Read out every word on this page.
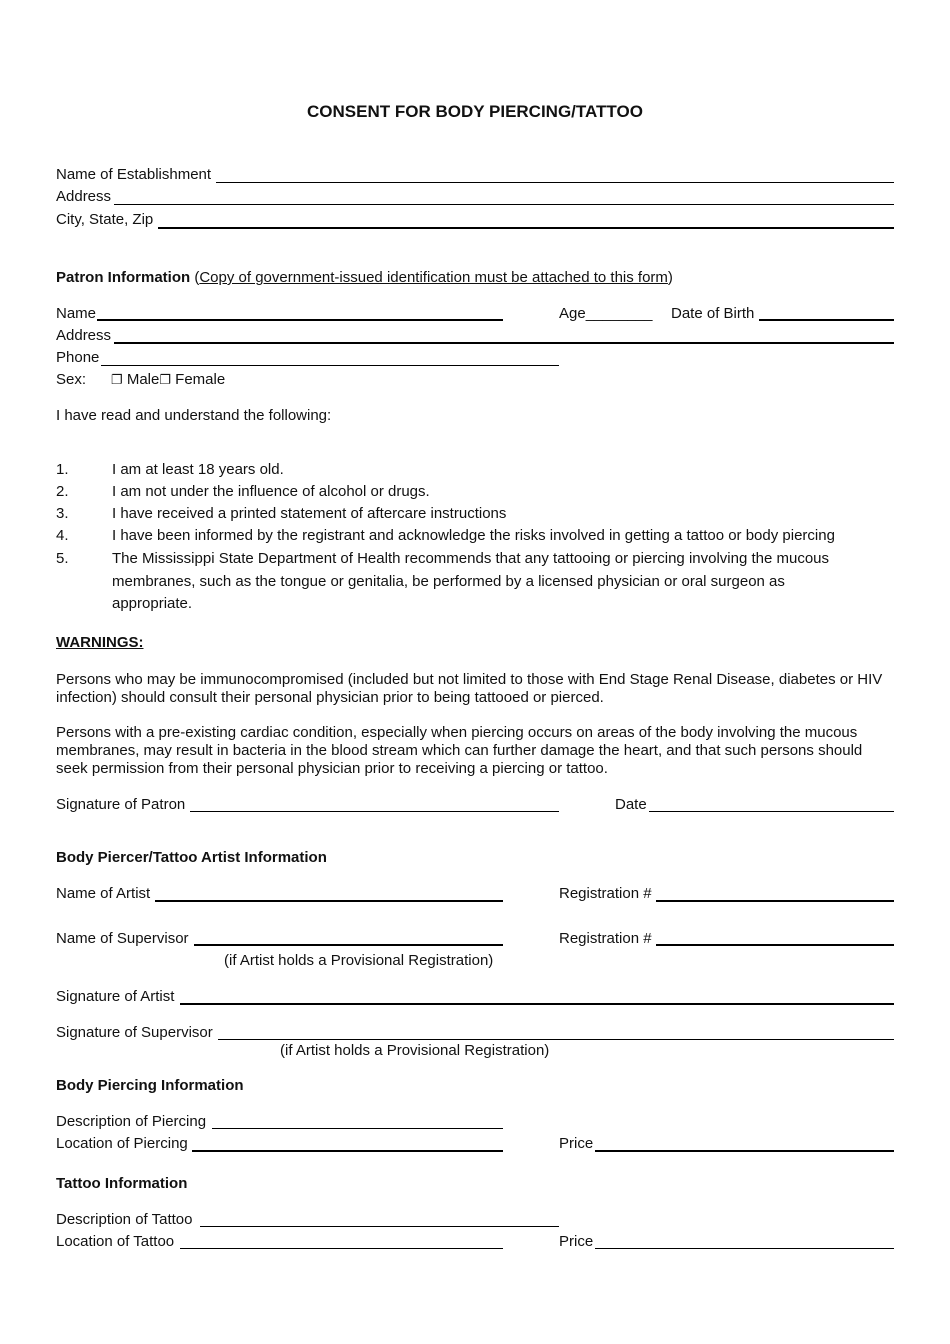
CONSENT FOR BODY PIERCING/TATTOO
Name of Establishment
Address
City, State, Zip
Patron Information (Copy of government-issued identification must be attached to this form)
Name	Age________ Date of Birth
Address
Phone
Sex: ❐ Male❐ Female
I have read and understand the following:
1.	I am at least 18 years old.
2.	I am not under the influence of alcohol or drugs.
3.	I have received a printed statement of aftercare instructions
4.	I have been informed by the registrant and acknowledge the risks involved in getting a tattoo or body piercing
5.	The Mississippi State Department of Health recommends that any tattooing or piercing involving the mucous
membranes, such as the tongue or genitalia, be performed by a licensed physician or oral surgeon as
appropriate.
WARNINGS:
Persons who may be immunocompromised (included but not limited to those with End Stage Renal Disease, diabetes or HIV infection) should consult their personal physician prior to being tattooed or pierced.
Persons with a pre-existing cardiac condition, especially when piercing occurs on areas of the body involving the mucous membranes, may result in bacteria in the blood stream which can further damage the heart, and that such persons should seek permission from their personal physician prior to receiving a piercing or tattoo.
Signature of Patron	Date
Body Piercer/Tattoo Artist Information
Name of Artist	Registration #
Name of Supervisor	Registration #
(if Artist holds a Provisional Registration)
Signature of Artist
Signature of Supervisor
(if Artist holds a Provisional Registration)
Body Piercing Information
Description of Piercing
Location of Piercing	Price
Tattoo Information
Description of Tattoo
Location of Tattoo	Price
